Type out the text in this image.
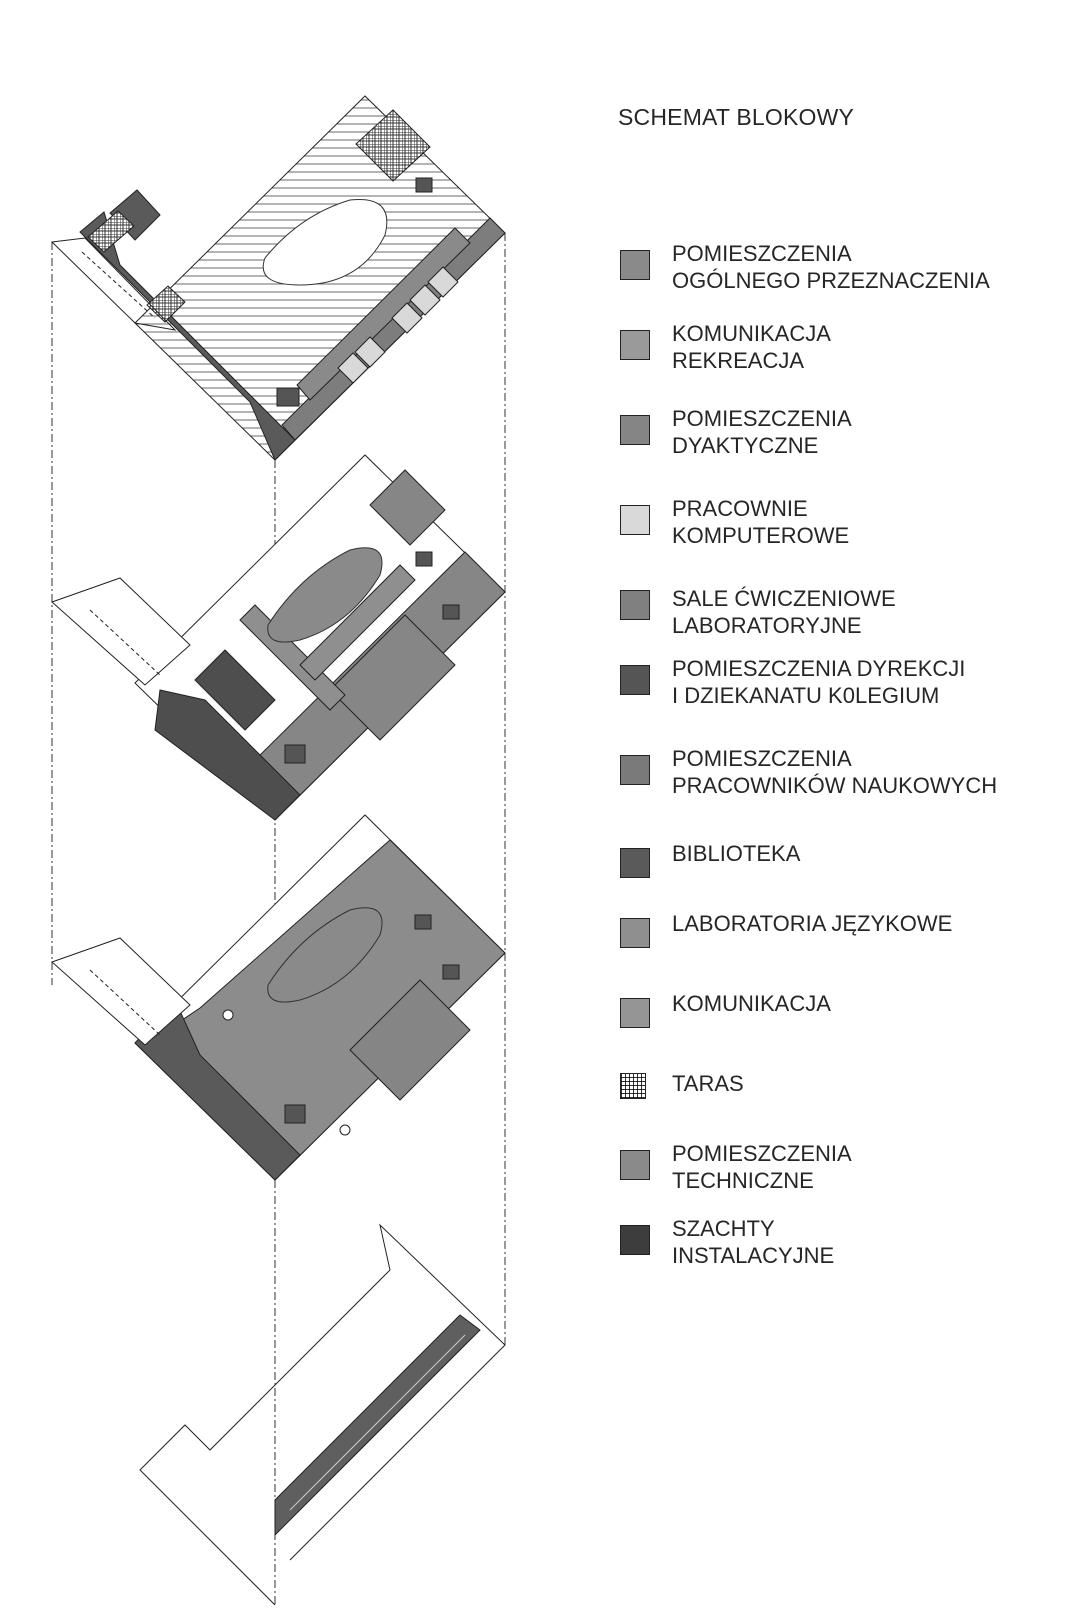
SCHEMAT BLOKOWY
POMIESZCZENIA
OGÓLNEGO PRZEZNACZENIA
KOMUNIKACJA
REKREACJA
POMIESZCZENIA
DYAKTYCZNE
PRACOWNIE
KOMPUTEROWE
SALE ĆWICZENIOWE
LABORATORYJNE
POMIESZCZENIA DYREKCJI
I DZIEKANATU K0LEGIUM
POMIESZCZENIA
PRACOWNIKÓW NAUKOWYCH
BIBLIOTEKA
LABORATORIA JĘZYKOWE
KOMUNIKACJA
TARAS
POMIESZCZENIA
TECHNICZNE
SZACHTY
INSTALACYJNE
